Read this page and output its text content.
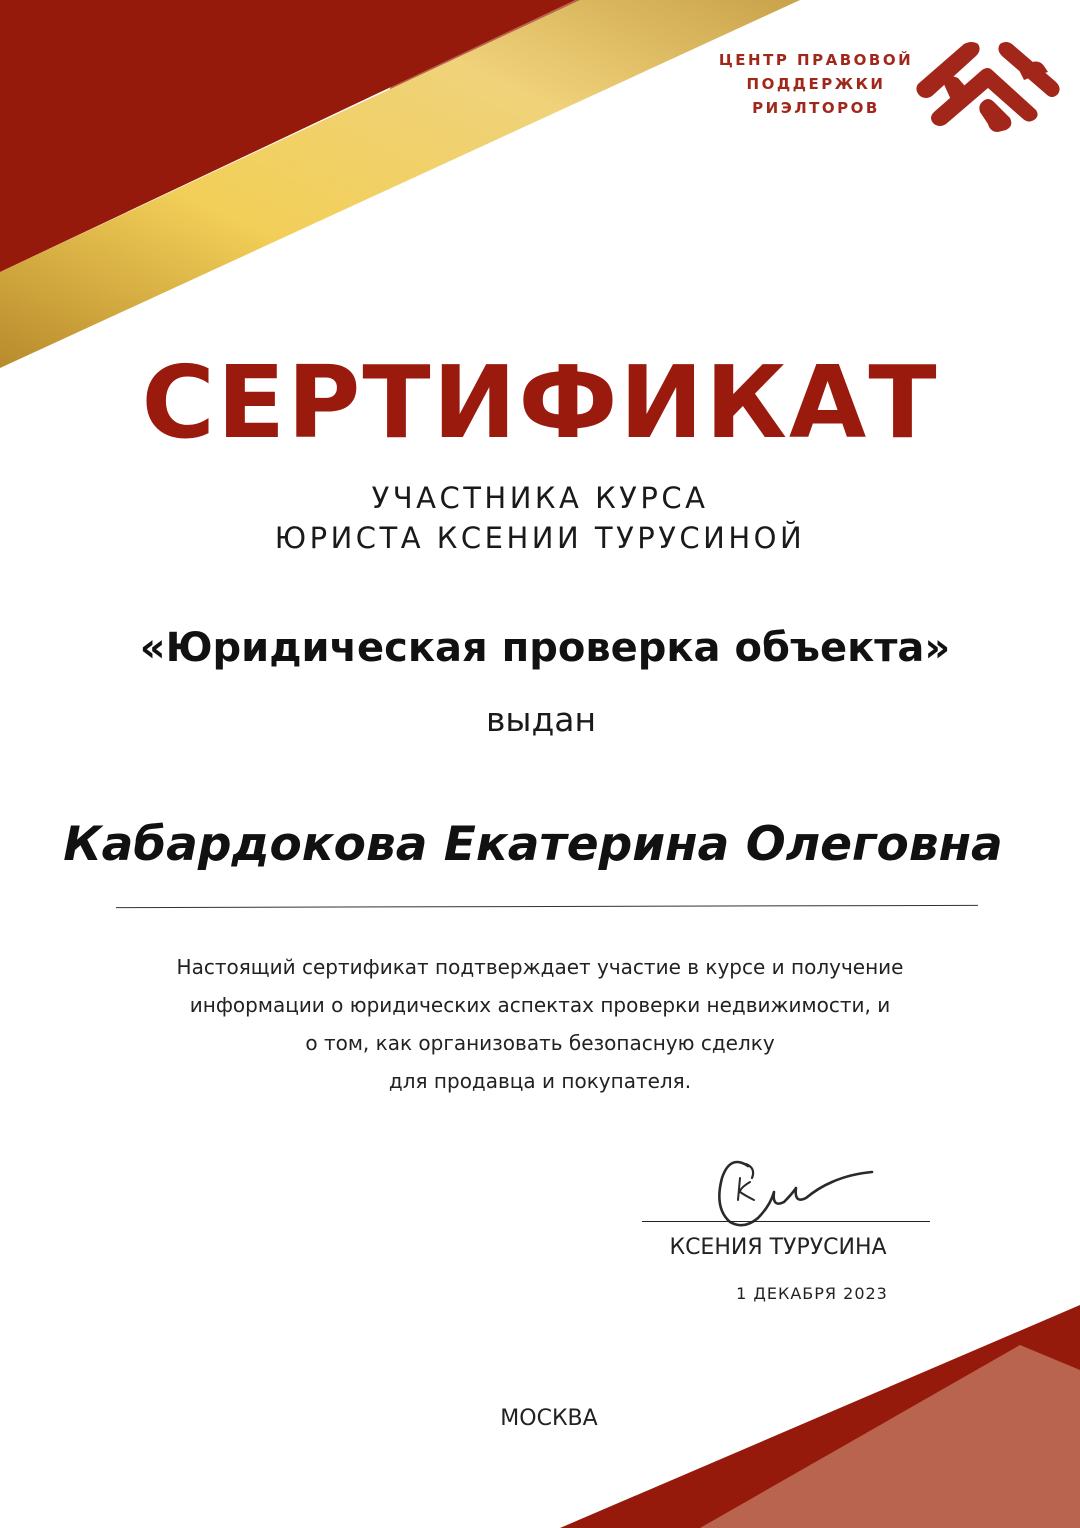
ЦЕНТР ПРАВОВОЙ
ПОДДЕРЖКИ
РИЭЛТОРОВ
СЕРТИФИКАТ
УЧАСТНИКА КУРСА
ЮРИСТА КСЕНИИ ТУРУСИНОЙ
«Юридическая проверка объекта»
выдан
Кабардокова Екатерина Олеговна

Настоящий сертификат подтверждает участие в курсе и получение

информации о юридических аспектах проверки недвижимости, и

о том, как организовать безопасную сделку

для продавца и покупателя.

КСЕНИЯ ТУРУСИНА
1 ДЕКАБРЯ 2023
МОСКВА
